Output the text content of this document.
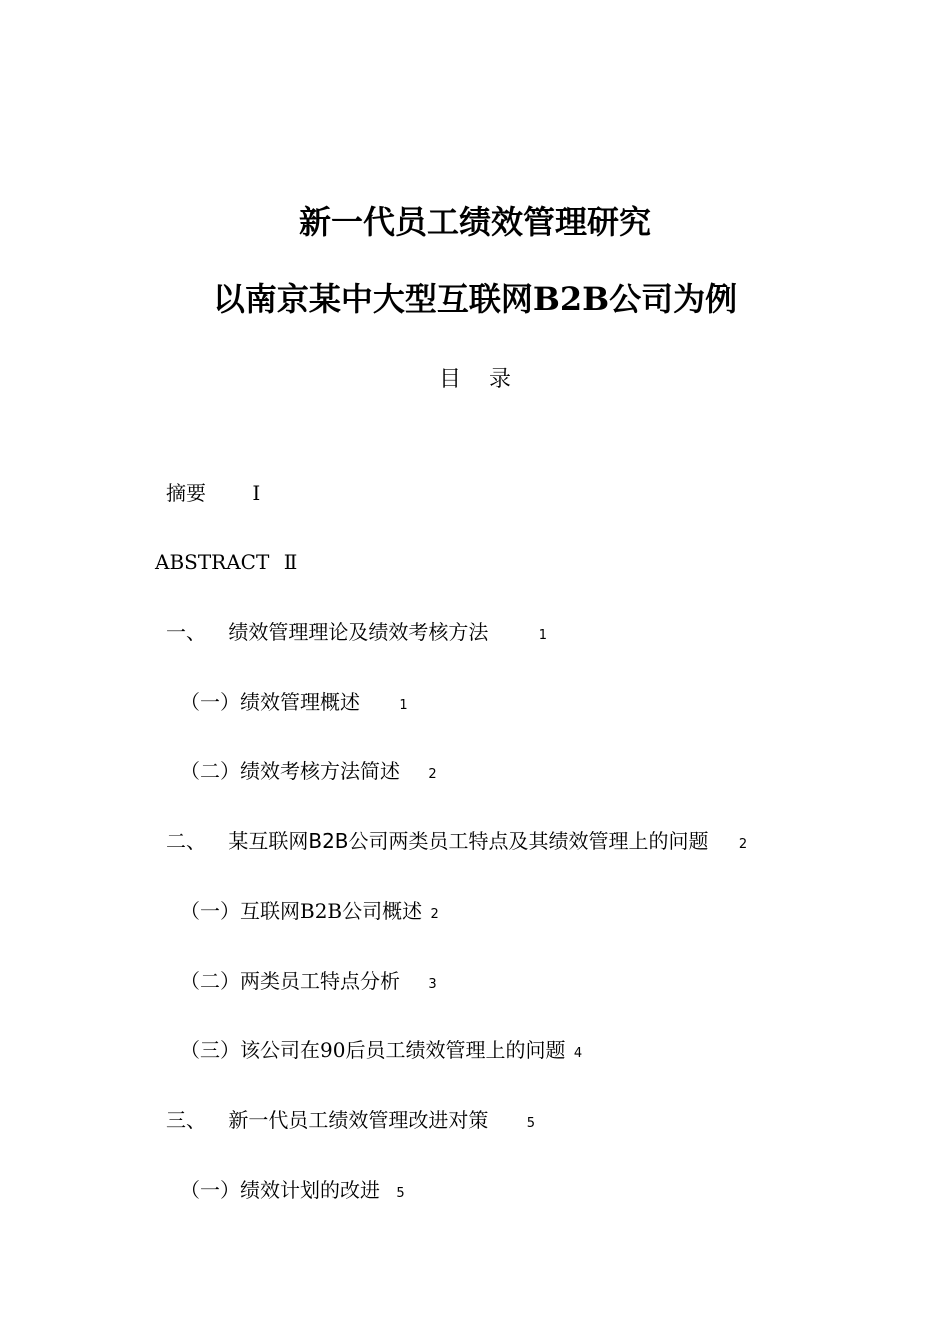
新一代员工绩效管理研究
以南京某中大型互联网B2B公司为例
目录
摘要 Ⅰ
ABSTRACT Ⅱ
一、 绩效管理理论及绩效考核方法	1
（一）绩效管理概述	1
（二）绩效考核方法简述 2
二、 某互联网B2B公司两类员工特点及其绩效管理上的问题 2
（一）互联网B2B公司概述 2
（二）两类员工特点分析 3
（三）该公司在90后员工绩效管理上的问题 4
三、 新一代员工绩效管理改进对策	5
（一）绩效计划的改进 5
